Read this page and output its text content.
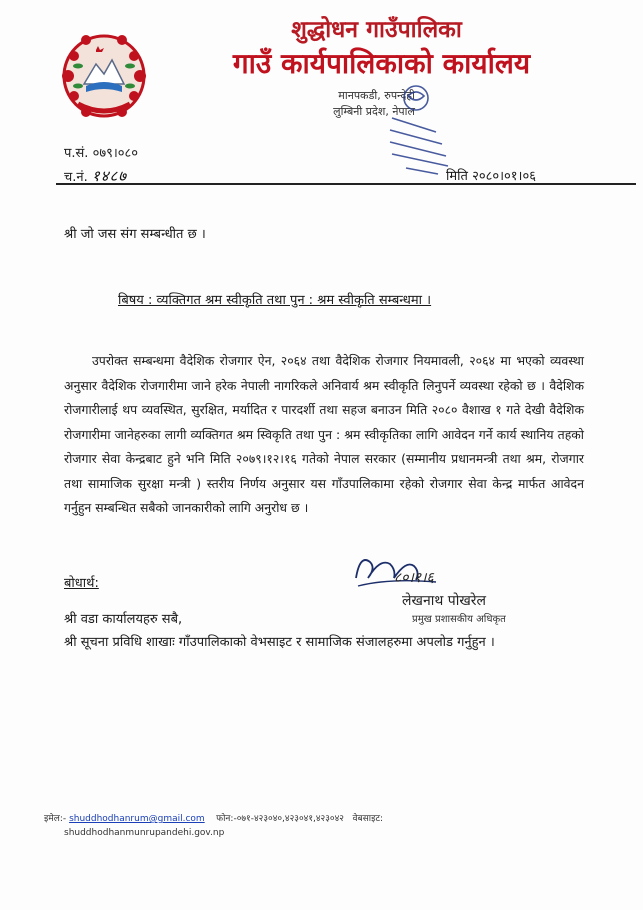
शुद्धोधन गाउँपालिका
गाउँ कार्यपालिकाको कार्यालय
मानपकडी, रुपन्देही
लुम्बिनी प्रदेश, नेपाल
प.सं. ०७९।०८०
च.नं. १४८७	मिति २०८०।०१।०६
श्री जो जस संग सम्बन्धीत छ ।
बिषय : व्यक्तिगत श्रम स्वीकृति तथा पुन : श्रम स्वीकृति सम्बन्धमा ।
उपरोक्त सम्बन्धमा वैदेशिक रोजगार ऐन, २०६४ तथा वैदेशिक रोजगार नियमावली, २०६४ मा भएको व्यवस्था अनुसार वैदेशिक रोजगारीमा जाने हरेक नेपाली नागरिकले अनिवार्य श्रम स्वीकृति लिनुपर्ने व्यवस्था रहेको छ । वैदेशिक रोजगारीलाई थप व्यवस्थित, सुरक्षित, मर्यादित र पारदर्शी तथा सहज बनाउन मिति २०८० वैशाख १ गते देखी वैदेशिक रोजगारीमा जानेहरुका लागी व्यक्तिगत श्रम स्विकृति तथा पुन : श्रम स्वीकृतिका लागि आवेदन गर्ने कार्य स्थानिय तहको रोजगार सेवा केन्द्रबाट हुने भनि मिति २०७९।१२।१६ गतेको नेपाल सरकार (सम्मानीय प्रधानमन्त्री तथा श्रम, रोजगार तथा सामाजिक सुरक्षा मन्त्री ) स्तरीय निर्णय अनुसार यस गाँउपालिकामा रहेको रोजगार सेवा केन्द्र मार्फत आवेदन गर्नुहुन सम्बन्धित सबैको जानकारीको लागि अनुरोध छ ।
८०।१।६
लेखनाथ पोखरेल
प्रमुख प्रशासकीय अधिकृत
बोधार्थ:
श्री वडा कार्यालयहरु सबै,
श्री सूचना प्रविधि शाखाः गाँउपालिकाको वेभसाइट र सामाजिक संजालहरुमा अपलोड गर्नुहुन ।
इमेल:- shuddhodhanrum@gmail.com फोन:-०७१-४२३०४०,४२३०४१,४२३०४२ वेबसाइट:
shuddhodhanmunrupandehi.gov.np
